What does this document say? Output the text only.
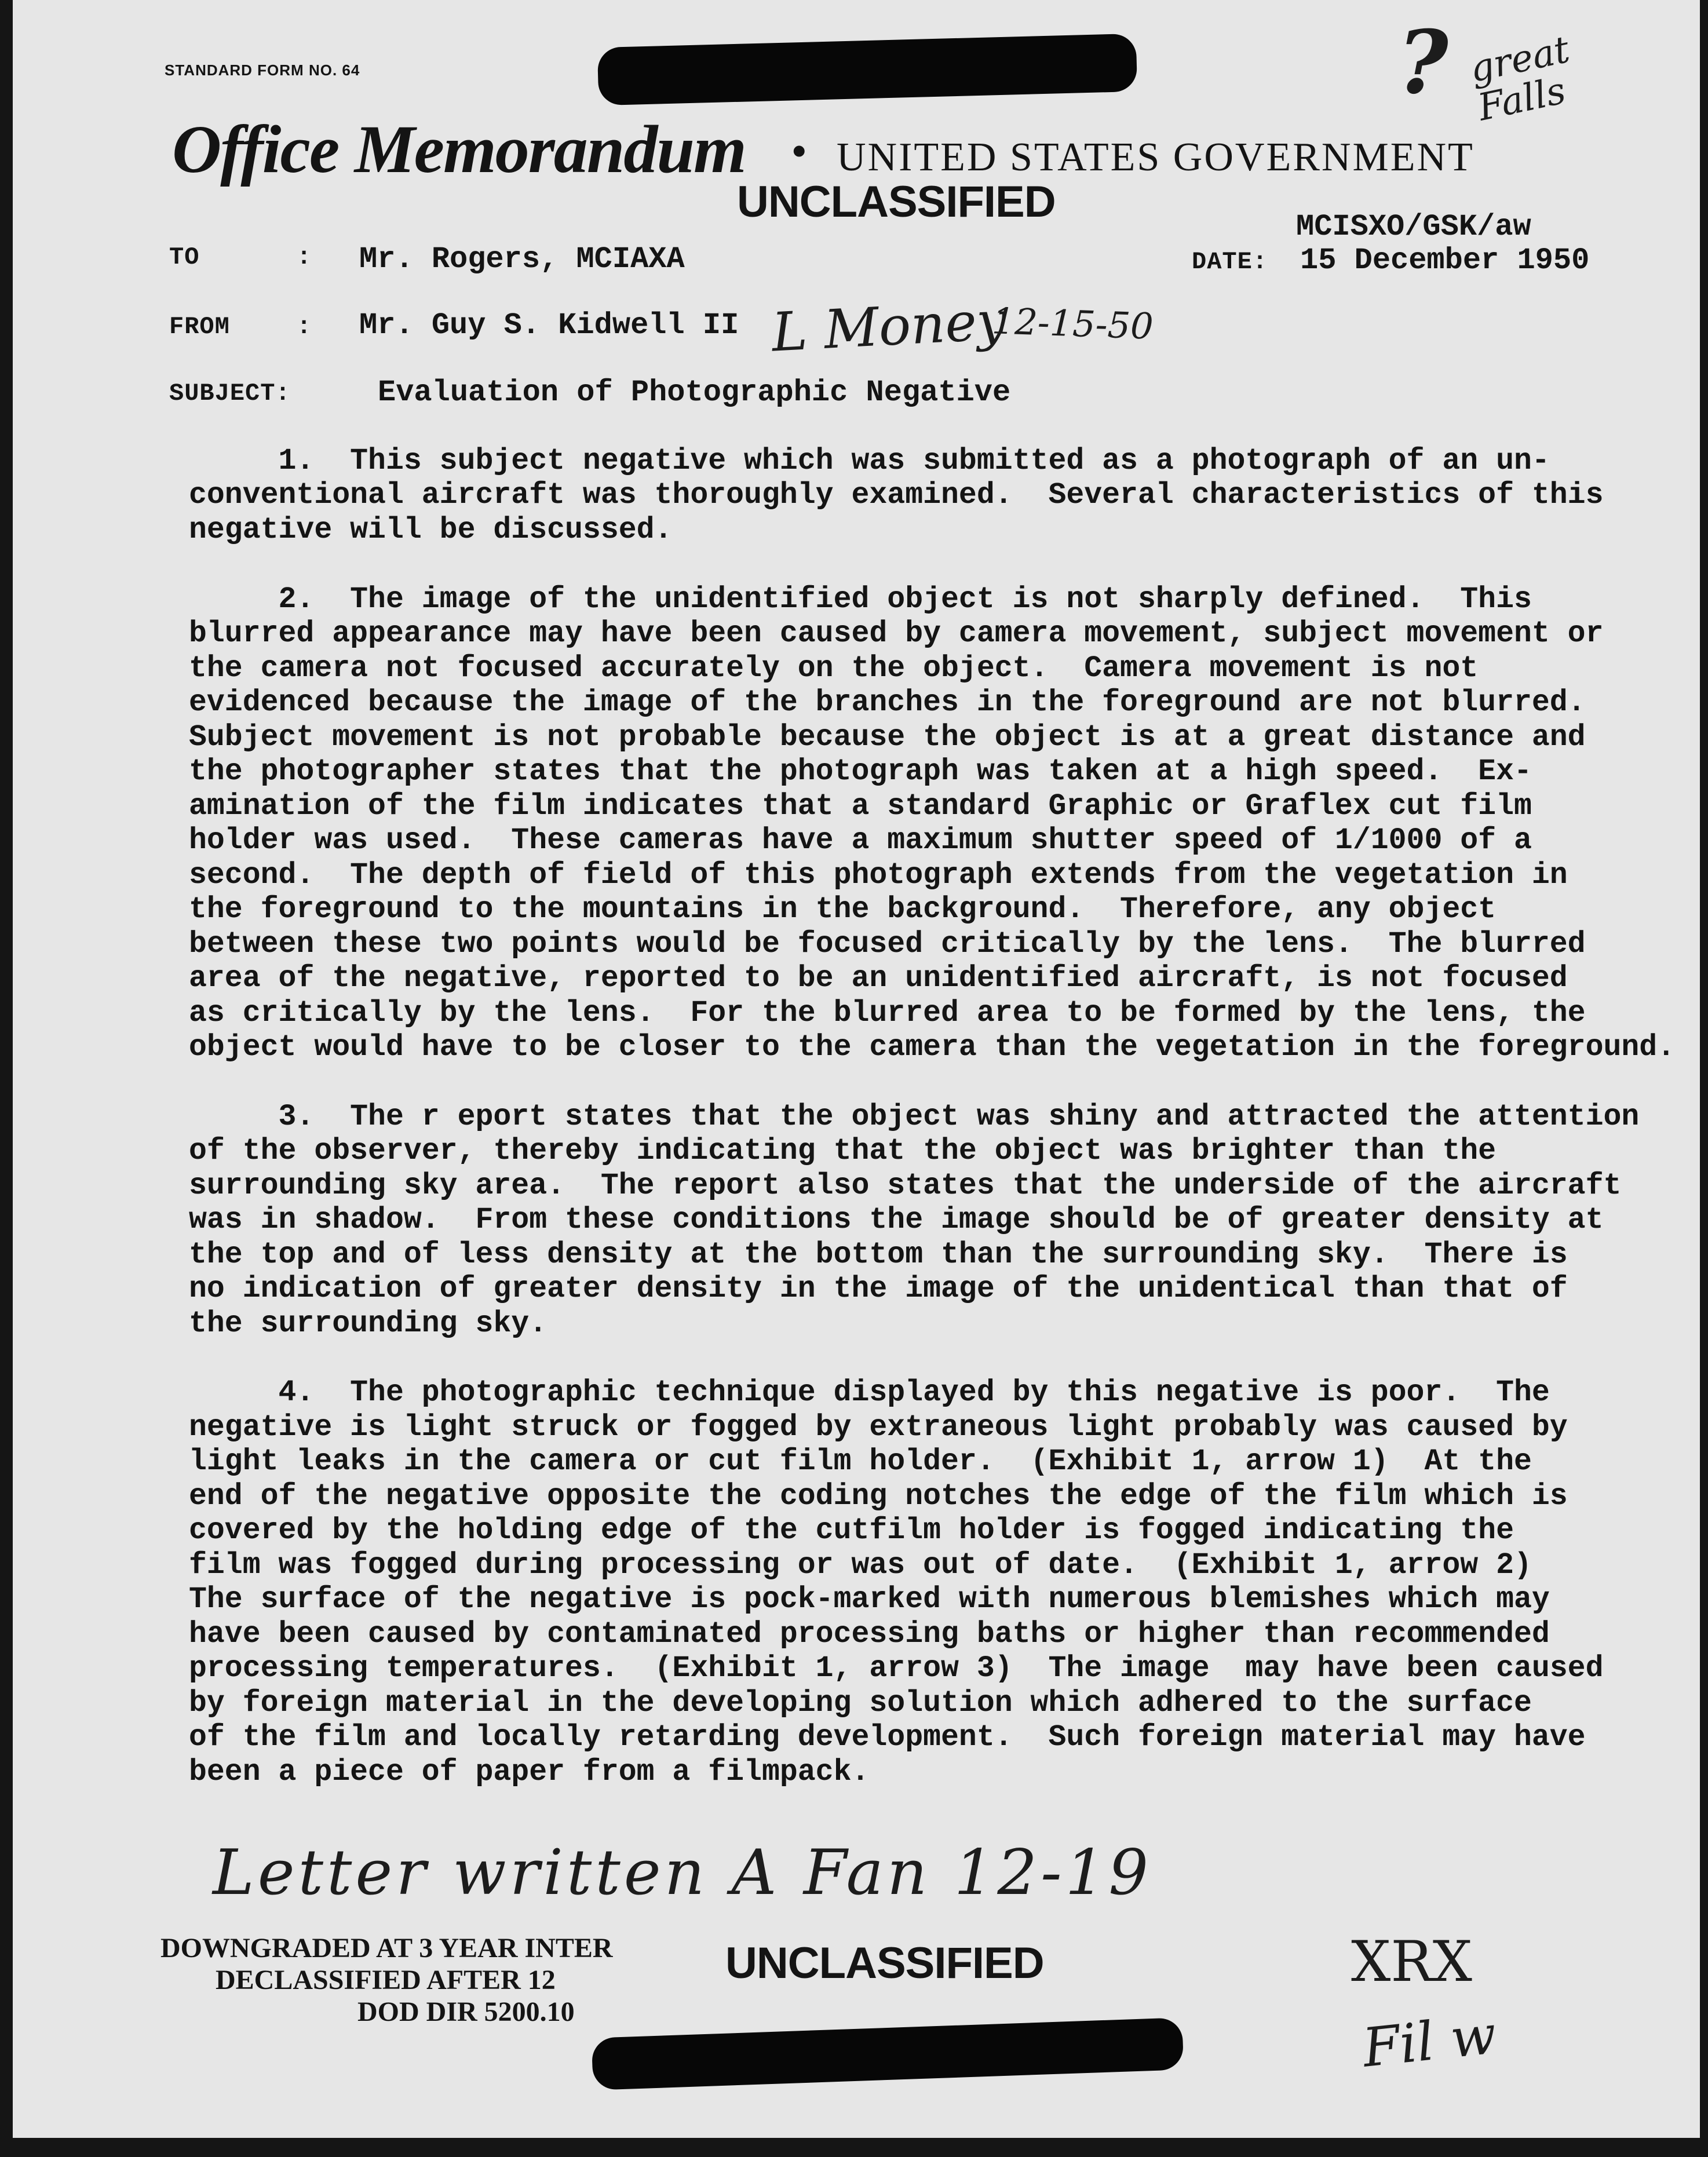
STANDARD FORM NO. 64
Office Memorandum • UNITED STATES GOVERNMENT
UNCLASSIFIED
TO	: Mr. Rogers, MCIAXA
FROM	: Mr. Guy S. Kidwell II
SUBJECT:	Evaluation of Photographic Negative
MCISXO/GSK/aw
DATE: 15 December 1950
L Money
12-15-50
? great Falls
1.  This subject negative which was submitted as a photograph of an un-
conventional aircraft was thoroughly examined.  Several characteristics of this
negative will be discussed.
2.  The image of the unidentified object is not sharply defined.  This
blurred appearance may have been caused by camera movement, subject movement or
the camera not focused accurately on the object.  Camera movement is not
evidenced because the image of the branches in the foreground are not blurred.
Subject movement is not probable because the object is at a great distance and
the photographer states that the photograph was taken at a high speed.  Ex-
amination of the film indicates that a standard Graphic or Graflex cut film
holder was used.  These cameras have a maximum shutter speed of 1/1000 of a
second.  The depth of field of this photograph extends from the vegetation in
the foreground to the mountains in the background.  Therefore, any object
between these two points would be focused critically by the lens.  The blurred
area of the negative, reported to be an unidentified aircraft, is not focused
as critically by the lens.  For the blurred area to be formed by the lens, the
object would have to be closer to the camera than the vegetation in the foreground.
3.  The r eport states that the object was shiny and attracted the attention
of the observer, thereby indicating that the object was brighter than the
surrounding sky area.  The report also states that the underside of the aircraft
was in shadow.  From these conditions the image should be of greater density at
the top and of less density at the bottom than the surrounding sky.  There is
no indication of greater density in the image of the unidentical than that of
the surrounding sky.
4.  The photographic technique displayed by this negative is poor.  The
negative is light struck or fogged by extraneous light probably was caused by
light leaks in the camera or cut film holder.  (Exhibit 1, arrow 1)  At the
end of the negative opposite the coding notches the edge of the film which is
covered by the holding edge of the cutfilm holder is fogged indicating the
film was fogged during processing or was out of date.  (Exhibit 1, arrow 2)
The surface of the negative is pock-marked with numerous blemishes which may
have been caused by contaminated processing baths or higher than recommended
processing temperatures.  (Exhibit 1, arrow 3)  The image  may have been caused
by foreign material in the developing solution which adhered to the surface
of the film and locally retarding development.  Such foreign material may have
been a piece of paper from a filmpack.
Letter written A Fan 12-19
DOWNGRADED AT 3 YEAR INTER
DECLASSIFIED AFTER 12
DOD DIR 5200.10
UNCLASSIFIED	XRX
Fil w
